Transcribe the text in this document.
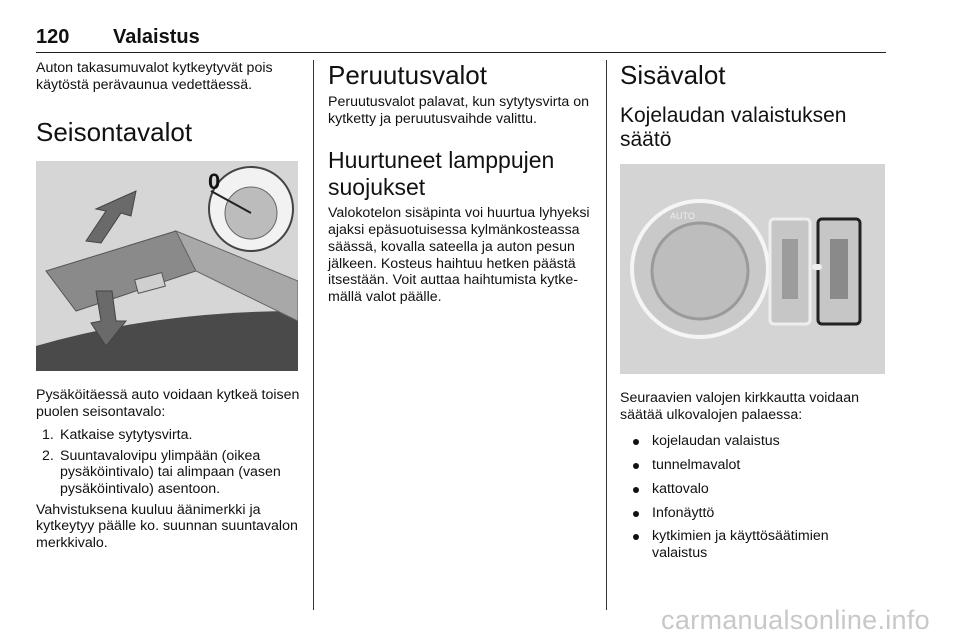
120 Valaistus

Auton takasumuvalot kytkeytyvät pois käytöstä perävaunua vedettäessä.

Seisontavalot
0

Pysäköitäessä auto voidaan kytkeä toisen puolen seisontavalo:

1. Katkaise sytytysvirta.
2. Suuntavalovipu ylimpään (oikea pysäköintivalo) tai alimpaan (vasen pysäköintivalo) asentoon.

Vahvistuksena kuuluu äänimerkki ja kytkeytyy päälle ko. suunnan suuntavalon merkkivalo.

Peruutusvalot

Peruutusvalot palavat, kun sytytysvirta on kytketty ja peruutusvaihde valittu.

Huurtuneet lamppujen suojukset

Valokotelon sisäpinta voi huurtua lyhyeksi ajaksi epäsuotuisessa kylmänkosteassa säässä, kovalla sateella ja auton pesun jälkeen. Kosteus haihtuu hetken päästä itsestään. Voit auttaa haihtumista kytkemällä valot päälle.

Sisävalot
Kojelaudan valaistuksen säätö
AUTO

Seuraavien valojen kirkkautta voidaan säätää ulkovalojen palaessa:

kojelaudan valaistus
tunnelmavalot
kattovalo
Infonäyttö
kytkimien ja käyttösäätimien valaistus
carmanualsonline.info
